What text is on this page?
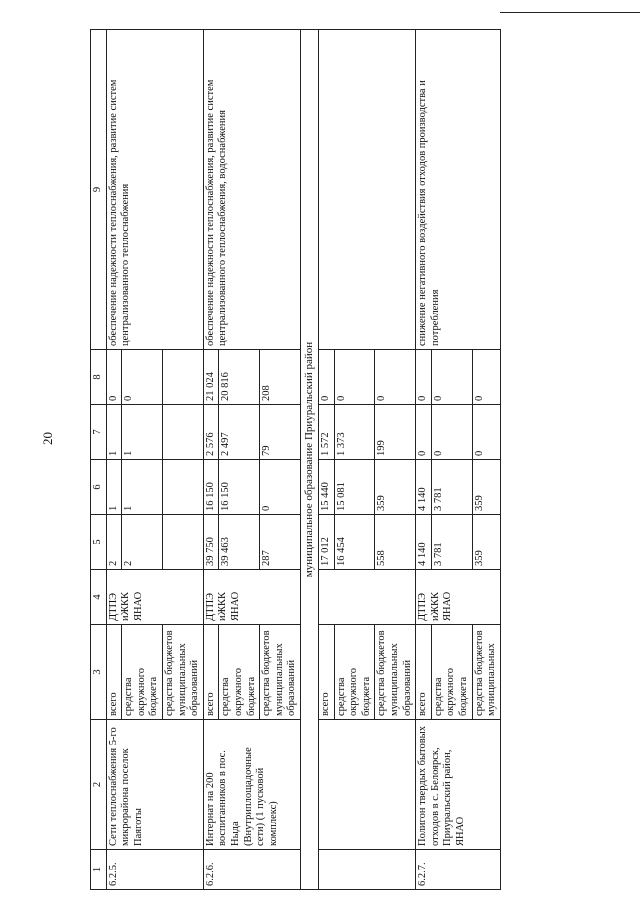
20
1	2	3	4	5	6	7	8	9
6.2.5.	Сети теплоснабжения 5-го микрорайона поселок Паяготы	всего	ДТПЭ иЖКК ЯНАО	2	1	1	0	обеспечение надежности теплоснабжения, развитие систем централизованного теплоснабжения
		средства окружного бюджета		2	1	1	0	
		средства бюджетов муниципальных образований						
6.2.6.	Интернат на 200 воспитанников в пос. Ныда (Внутриплощадочные сети) (1 пусковой комплекс)	всего	ДТПЭ иЖКК ЯНАО	39 750	16 150	2 576	21 024	обеспечение надежности теплоснабжения, развитие систем централизованного теплоснабжения, водоснабжения
		средства окружного бюджета		39 463	16 150	2 497	20 816	
		средства бюджетов муниципальных образований		287	0	79	208	
муниципальное образование Приуральский район								
		всего		17 012	15 440	1 572	0	
		средства окружного бюджета		16 454	15 081	1 373	0	
		средства бюджетов муниципальных образований		558	359	199	0	
6.2.7.	Полигон твердых бытовых отходов в с. Белоярск, Приуральский район, ЯНАО	всего	ДТПЭ иЖКК ЯНАО	4 140	4 140	0	0	снижение негативного воздействия отходов производства и потребления
		средства окружного бюджета		3 781	3 781	0	0	
		средства бюджетов муниципальных		359	359	0	0	
